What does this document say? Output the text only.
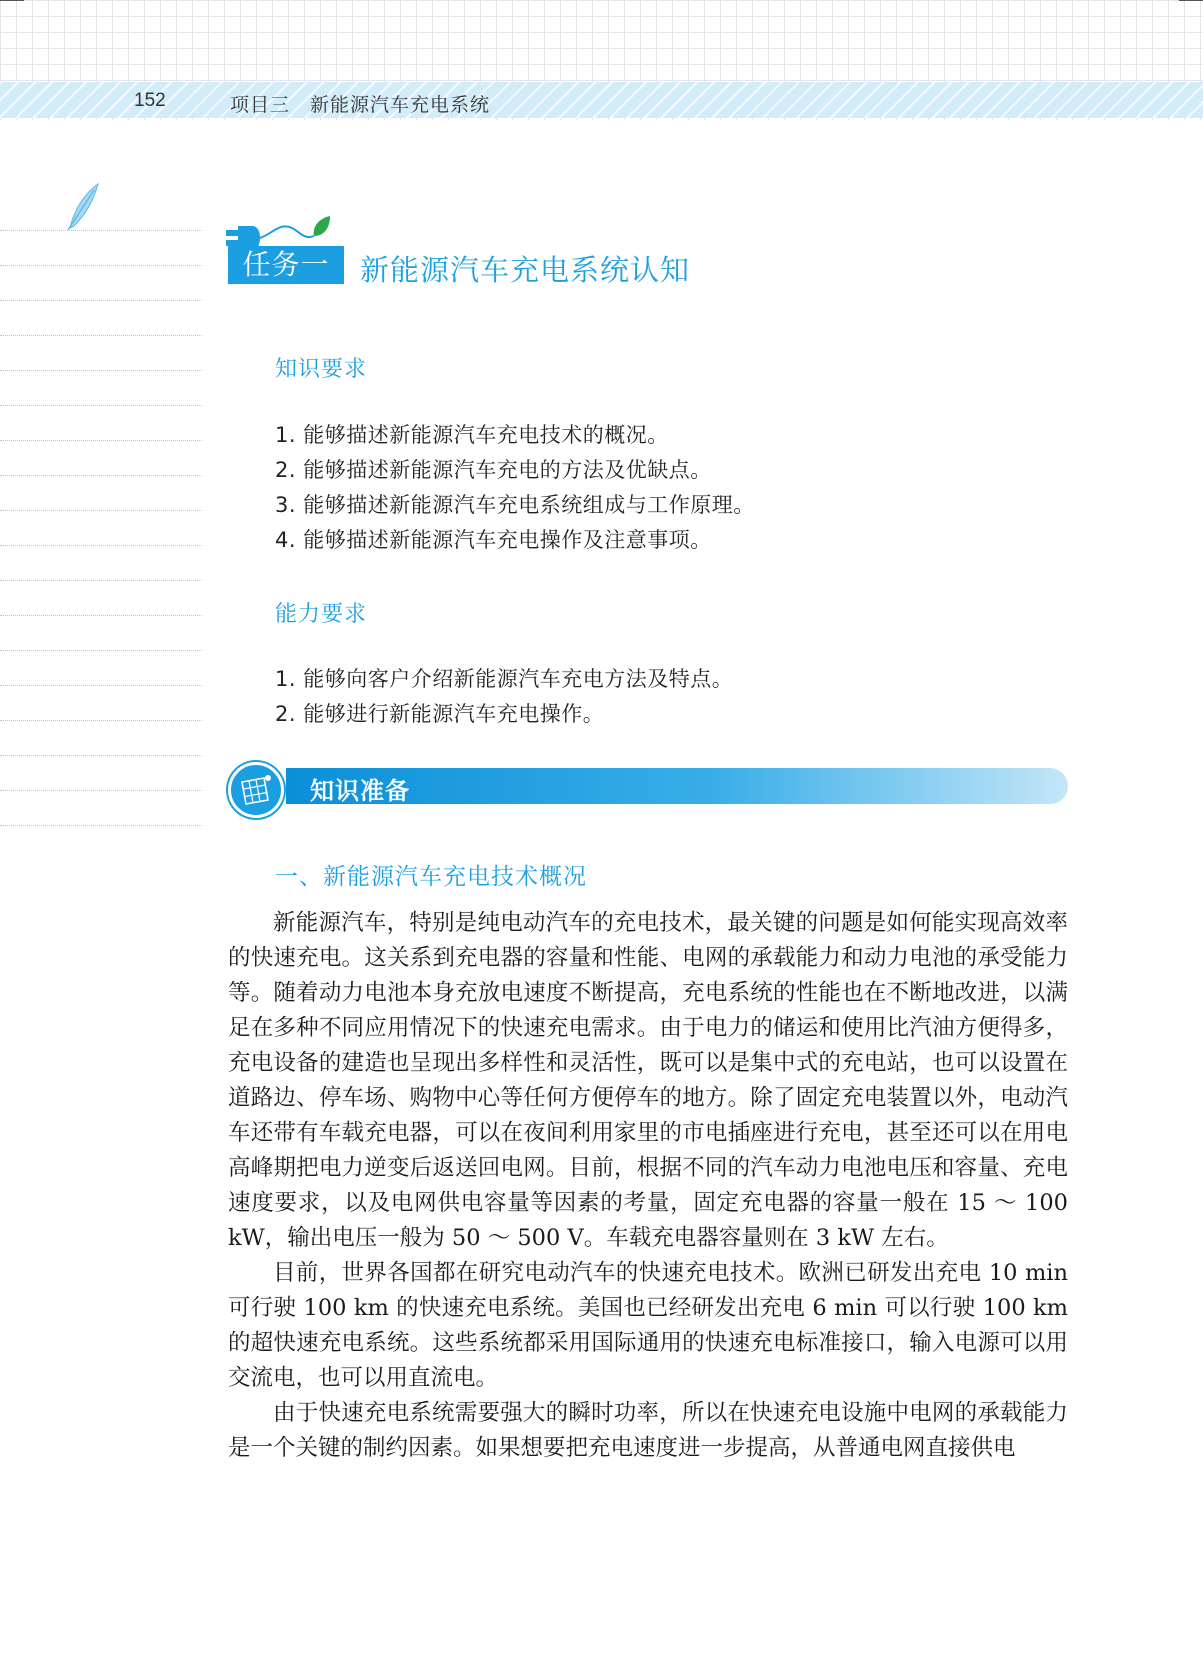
152	项目三　新能源汽车充电系统
任务一	新能源汽车充电系统认知
知识要求
1. 能够描述新能源汽车充电技术的概况。
2. 能够描述新能源汽车充电的方法及优缺点。
3. 能够描述新能源汽车充电系统组成与工作原理。
4. 能够描述新能源汽车充电操作及注意事项。
能力要求
1. 能够向客户介绍新能源汽车充电方法及特点。
2. 能够进行新能源汽车充电操作。
知识准备
一、新能源汽车充电技术概况

新能源汽车，特别是纯电动汽车的充电技术，最关键的问题是如何能实现高效率的快速充电。这关系到充电器的容量和性能、电网的承载能力和动力电池的承受能力等。随着动力电池本身充放电速度不断提高，充电系统的性能也在不断地改进，以满足在多种不同应用情况下的快速充电需求。由于电力的储运和使用比汽油方便得多，充电设备的建造也呈现出多样性和灵活性，既可以是集中式的充电站，也可以设置在道路边、停车场、购物中心等任何方便停车的地方。除了固定充电装置以外，电动汽车还带有车载充电器，可以在夜间利用家里的市电插座进行充电，甚至还可以在用电高峰期把电力逆变后返送回电网。目前，根据不同的汽车动力电池电压和容量、充电速度要求，以及电网供电容量等因素的考量，固定充电器的容量一般在 15 ～ 100 kW，输出电压一般为 50 ～ 500 V。车载充电器容量则在 3 kW 左右。

目前，世界各国都在研究电动汽车的快速充电技术。欧洲已研发出充电 10 min 可行驶 100 km 的快速充电系统。美国也已经研发出充电 6 min 可以行驶 100 km 的超快速充电系统。这些系统都采用国际通用的快速充电标准接口，输入电源可以用交流电，也可以用直流电。

由于快速充电系统需要强大的瞬时功率，所以在快速充电设施中电网的承载能力是一个关键的制约因素。如果想要把充电速度进一步提高，从普通电网直接供电
